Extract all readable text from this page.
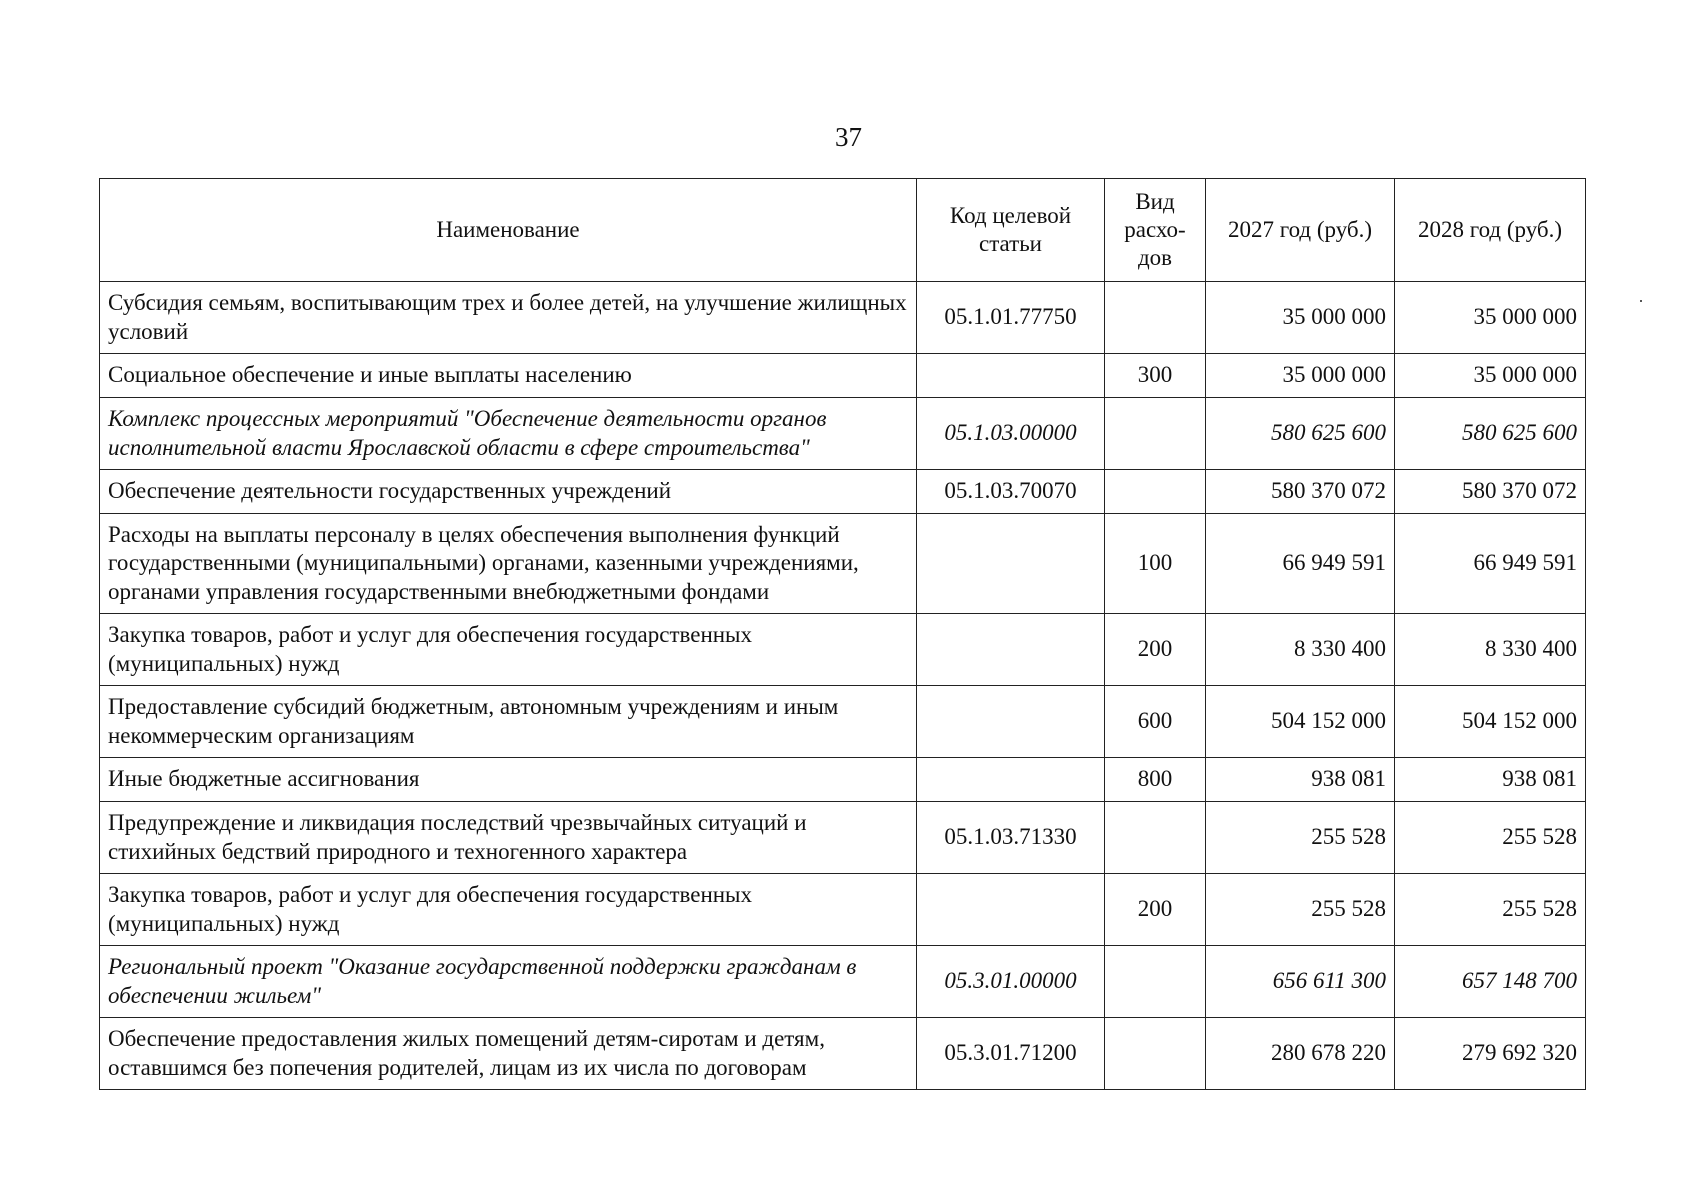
37
Наименование	Код целевой статьи	Вид расхо-дов	2027 год (руб.)	2028 год (руб.)
Субсидия семьям, воспитывающим трех и более детей, на улучшение жилищных условий	05.1.01.77750		35 000 000	35 000 000
Социальное обеспечение и иные выплаты населению		300	35 000 000	35 000 000
Комплекс процессных мероприятий "Обеспечение деятельности органов исполнительной власти Ярославской области в сфере строительства"	05.1.03.00000		580 625 600	580 625 600
Обеспечение деятельности государственных учреждений	05.1.03.70070		580 370 072	580 370 072
Расходы на выплаты персоналу в целях обеспечения выполнения функций государственными (муниципальными) органами, казенными учреждениями, органами управления государственными внебюджетными фондами		100	66 949 591	66 949 591
Закупка товаров, работ и услуг для обеспечения государственных (муниципальных) нужд		200	8 330 400	8 330 400
Предоставление субсидий бюджетным, автономным учреждениям и иным некоммерческим организациям		600	504 152 000	504 152 000
Иные бюджетные ассигнования		800	938 081	938 081
Предупреждение и ликвидация последствий чрезвычайных ситуаций и стихийных бедствий природного и техногенного характера	05.1.03.71330		255 528	255 528
Закупка товаров, работ и услуг для обеспечения государственных (муниципальных) нужд		200	255 528	255 528
Региональный проект "Оказание государственной поддержки гражданам в обеспечении жильем"	05.3.01.00000		656 611 300	657 148 700
Обеспечение предоставления жилых помещений детям-сиротам и детям, оставшимся без попечения родителей, лицам из их числа по договорам	05.3.01.71200		280 678 220	279 692 320
